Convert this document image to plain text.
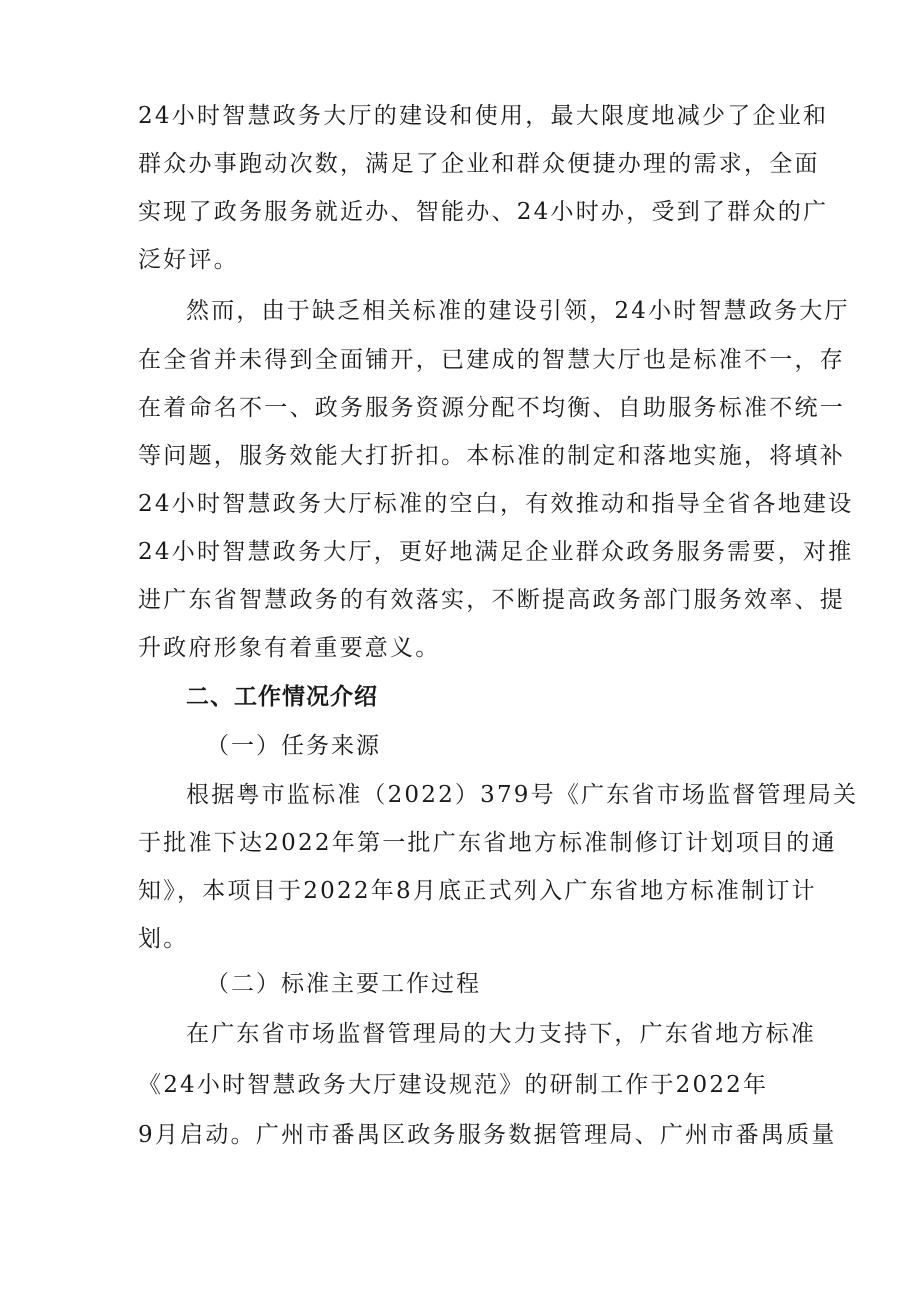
24小时智慧政务大厅的建设和使用，最大限度地减少了企业和
群众办事跑动次数，满足了企业和群众便捷办理的需求，全面
实现了政务服务就近办、智能办、24小时办，受到了群众的广
泛好评。
然而，由于缺乏相关标准的建设引领，24小时智慧政务大厅
在全省并未得到全面铺开，已建成的智慧大厅也是标准不一，存
在着命名不一、政务服务资源分配不均衡、自助服务标准不统一
等问题，服务效能大打折扣。本标准的制定和落地实施，将填补
24小时智慧政务大厅标准的空白，有效推动和指导全省各地建设
24小时智慧政务大厅，更好地满足企业群众政务服务需要，对推
进广东省智慧政务的有效落实，不断提高政务部门服务效率、提
升政府形象有着重要意义。
二、工作情况介绍
（一）任务来源
根据粤市监标准（2022）379号《广东省市场监督管理局关
于批准下达2022年第一批广东省地方标准制修订计划项目的通
知》，本项目于2022年8月底正式列入广东省地方标准制订计
划。
（二）标准主要工作过程
在广东省市场监督管理局的大力支持下，广东省地方标准
《24小时智慧政务大厅建设规范》的研制工作于2022年
9月启动。广州市番禺区政务服务数据管理局、广州市番禺质量
